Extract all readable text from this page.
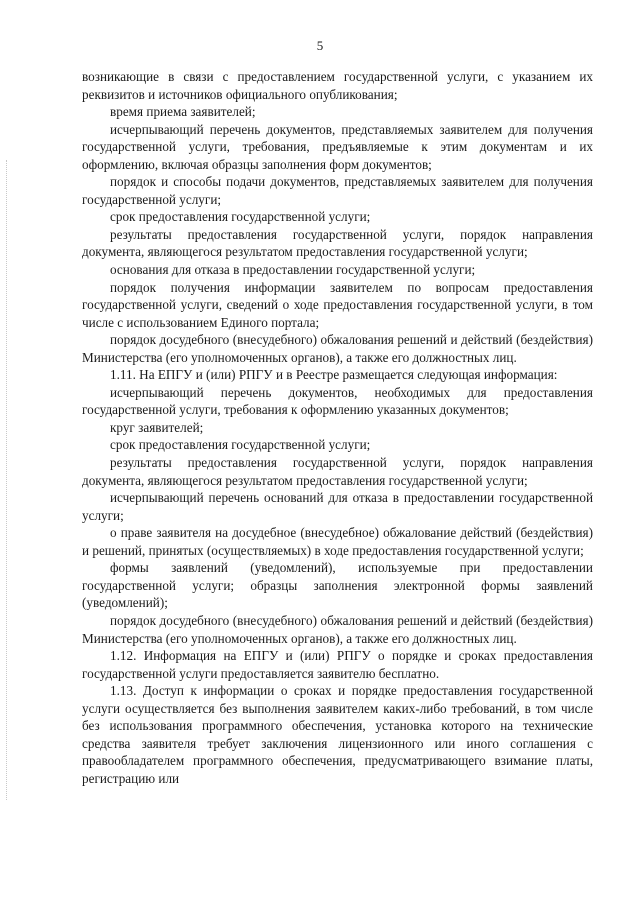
5

возникающие в связи с предоставлением государственной услуги, с указанием их реквизитов и источников официального опубликования;

время приема заявителей;

исчерпывающий перечень документов, представляемых заявителем для получения государственной услуги, требования, предъявляемые к этим документам и их оформлению, включая образцы заполнения форм документов;

порядок и способы подачи документов, представляемых заявителем для получения государственной услуги;

срок предоставления государственной услуги;

результаты предоставления государственной услуги, порядок направления документа, являющегося результатом предоставления государственной услуги;

основания для отказа в предоставлении государственной услуги;

порядок получения информации заявителем по вопросам предоставления государственной услуги, сведений о ходе предоставления государственной услуги, в том числе с использованием Единого портала;

порядок досудебного (внесудебного) обжалования решений и действий (бездействия) Министерства (его уполномоченных органов), а также его должностных лиц.

1.11. На ЕПГУ и (или) РПГУ и в Реестре размещается следующая информация:

исчерпывающий перечень документов, необходимых для предоставления государственной услуги, требования к оформлению указанных документов;

круг заявителей;

срок предоставления государственной услуги;

результаты предоставления государственной услуги, порядок направления документа, являющегося результатом предоставления государственной услуги;

исчерпывающий перечень оснований для отказа в предоставлении государственной услуги;

о праве заявителя на досудебное (внесудебное) обжалование действий (бездействия) и решений, принятых (осуществляемых) в ходе предоставления государственной услуги;

формы заявлений (уведомлений), используемые при предоставлении государственной услуги; образцы заполнения электронной формы заявлений (уведомлений);

порядок досудебного (внесудебного) обжалования решений и действий (бездействия) Министерства (его уполномоченных органов), а также его должностных лиц.

1.12. Информация на ЕПГУ и (или) РПГУ о порядке и сроках предоставления государственной услуги предоставляется заявителю бесплатно.

1.13. Доступ к информации о сроках и порядке предоставления государственной услуги осуществляется без выполнения заявителем каких-либо требований, в том числе без использования программного обеспечения, установка которого на технические средства заявителя требует заключения лицензионного или иного соглашения с правообладателем программного обеспечения, предусматривающего взимание платы, регистрацию или
